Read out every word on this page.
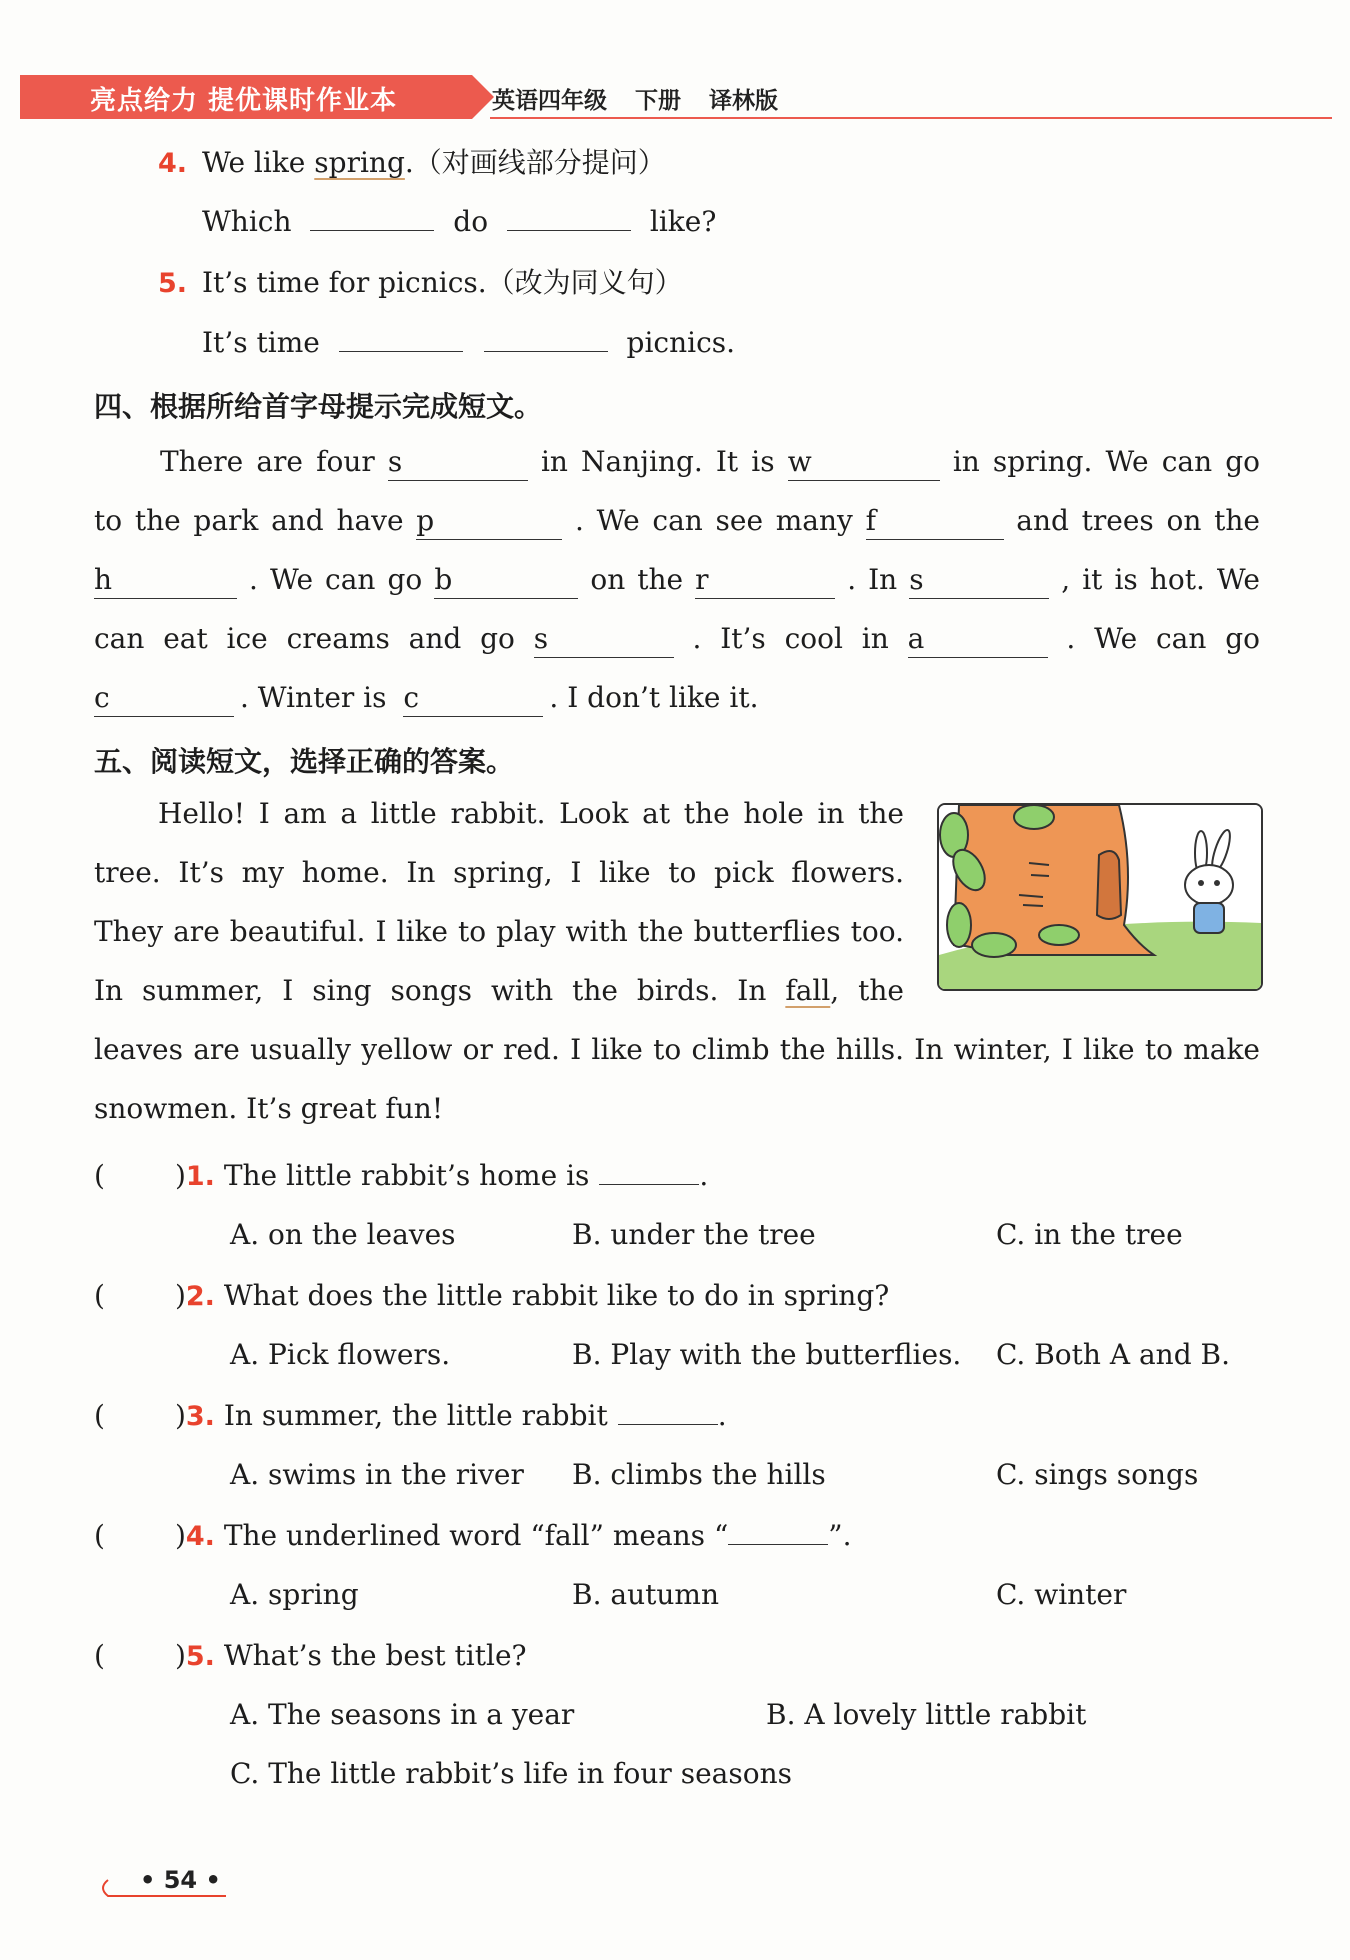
亮点给力 提优课时作业本	英语四年级 下册 译林版
4. We like spring.（对画线部分提问）
Which	do	like?
5. It’s time for picnics.（改为同义句）
It’s time	picnics.
四、根据所给首字母提示完成短文。
There are four s	in Nanjing. It is w	in spring. We can go
to the park and have p	. We can see many f	and trees on the
h	. We can go b	on the r	. In s	, it is hot. We
can eat ice creams and go s	. It’s cool in a	. We can go
c	. Winter is c	. I don’t like it.
五、阅读短文，选择正确的答案。
Hello! I am a little rabbit. Look at the hole in the
tree. It’s my home. In spring, I like to pick flowers.
They are beautiful. I like to play with the butterflies too.
In summer, I sing songs with the birds. In fall, the
leaves are usually yellow or red. I like to climb the hills. In winter, I like to make
snowmen. It’s great fun!
(	)1. The little rabbit’s home is	.
A. on the leaves	B. under the tree	C. in the tree
(	)2. What does the little rabbit like to do in spring?
A. Pick flowers.	B. Play with the butterflies. C. Both A and B.
(	)3. In summer, the little rabbit	.
A. swims in the river B. climbs the hills	C. sings songs
(	)4. The underlined word “fall” means “	”.
A. spring	B. autumn	C. winter
(	)5. What’s the best title?
A. The seasons in a year	B. A lovely little rabbit
C. The little rabbit’s life in four seasons
• 54 •
